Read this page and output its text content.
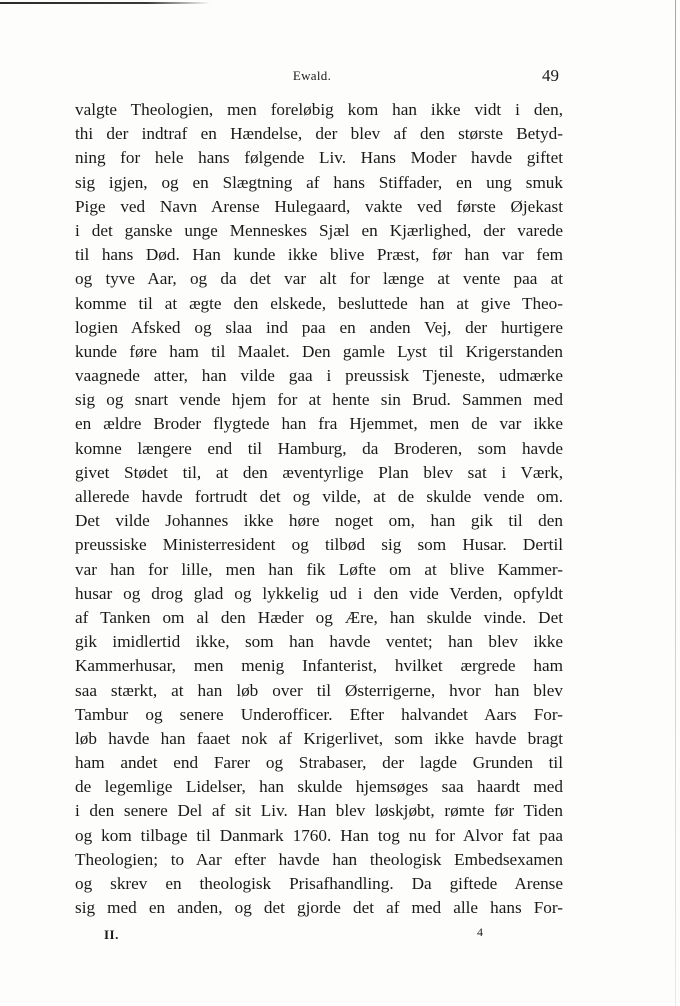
Ewald.	49
valgte Theologien, men foreløbig kom han ikke vidt i den,
thi der indtraf en Hændelse, der blev af den største Betyd-
ning for hele hans følgende Liv. Hans Moder havde giftet
sig igjen, og en Slægtning af hans Stiffader, en ung smuk
Pige ved Navn Arense Hulegaard, vakte ved første Øjekast
i det ganske unge Menneskes Sjæl en Kjærlighed, der varede
til hans Død. Han kunde ikke blive Præst, før han var fem
og tyve Aar, og da det var alt for længe at vente paa at
komme til at ægte den elskede, besluttede han at give Theo-
logien Afsked og slaa ind paa en anden Vej, der hurtigere
kunde føre ham til Maalet. Den gamle Lyst til Krigerstanden
vaagnede atter, han vilde gaa i preussisk Tjeneste, udmærke
sig og snart vende hjem for at hente sin Brud. Sammen med
en ældre Broder flygtede han fra Hjemmet, men de var ikke
komne længere end til Hamburg, da Broderen, som havde
givet Stødet til, at den æventyrlige Plan blev sat i Værk,
allerede havde fortrudt det og vilde, at de skulde vende om.
Det vilde Johannes ikke høre noget om, han gik til den
preussiske Ministerresident og tilbød sig som Husar. Dertil
var han for lille, men han fik Løfte om at blive Kammer-
husar og drog glad og lykkelig ud i den vide Verden, opfyldt
af Tanken om al den Hæder og Ære, han skulde vinde. Det
gik imidlertid ikke, som han havde ventet; han blev ikke
Kammerhusar, men menig Infanterist, hvilket ærgrede ham
saa stærkt, at han løb over til Østerrigerne, hvor han blev
Tambur og senere Underofficer. Efter halvandet Aars For-
løb havde han faaet nok af Krigerlivet, som ikke havde bragt
ham andet end Farer og Strabaser, der lagde Grunden til
de legemlige Lidelser, han skulde hjemsøges saa haardt med
i den senere Del af sit Liv. Han blev løskjøbt, rømte før Tiden
og kom tilbage til Danmark 1760. Han tog nu for Alvor fat paa
Theologien; to Aar efter havde han theologisk Embedsexamen
og skrev en theologisk Prisafhandling. Da giftede Arense
sig med en anden, og det gjorde det af med alle hans For-
II.	4
